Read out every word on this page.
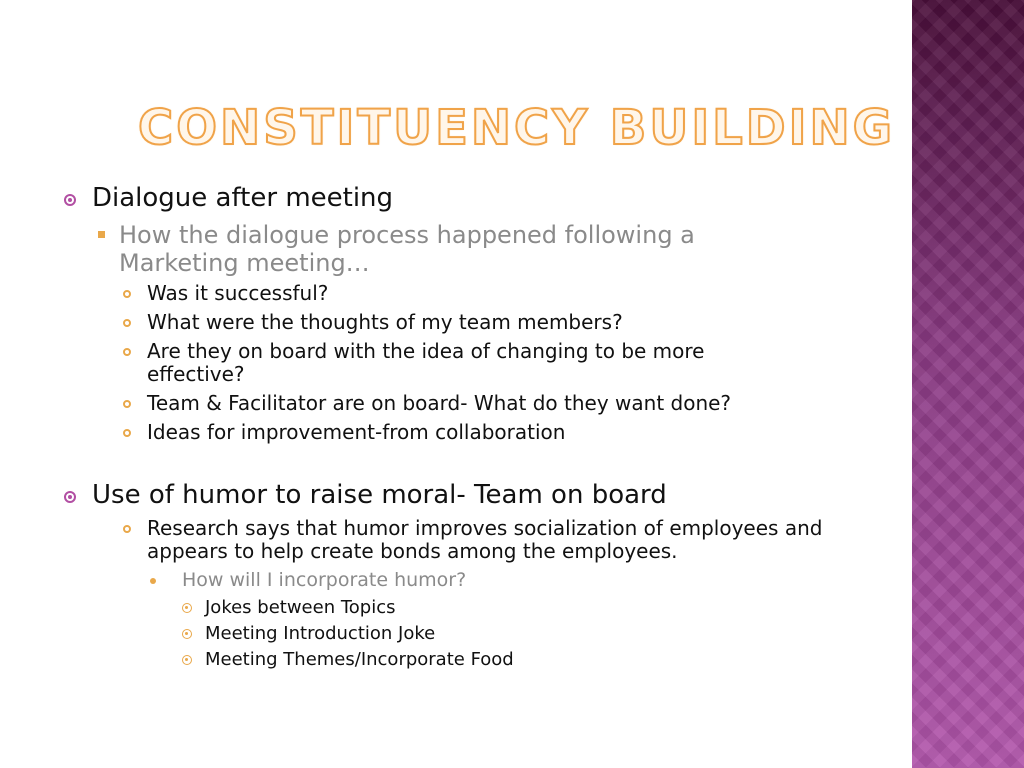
CONSTITUENCY BUILDING
Dialogue after meeting
How the dialogue process happened following a Marketing meeting…
Was it successful?
What were the thoughts of my team members?
Are they on board with the idea of changing to be more effective?
Team & Facilitator are on board- What do they want done?
Ideas for improvement-from collaboration
Use of humor to raise moral- Team on board
Research says that humor improves socialization of employees and appears to help create bonds among the employees.
How will I incorporate humor?
Jokes between Topics
Meeting Introduction Joke
Meeting Themes/Incorporate Food
